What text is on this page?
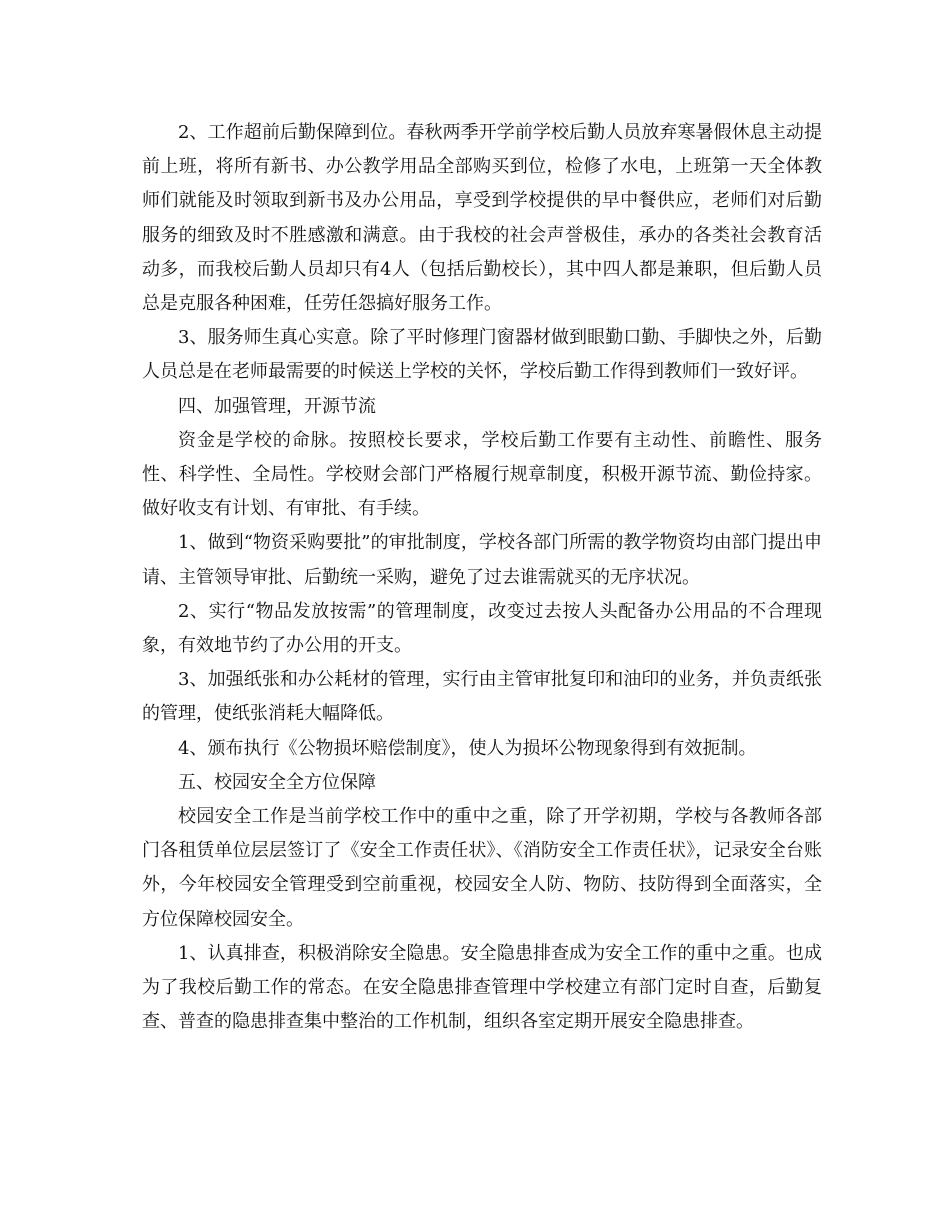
2、工作超前后勤保障到位。春秋两季开学前学校后勤人员放弃寒暑假休息主动提前上班，将所有新书、办公教学用品全部购买到位，检修了水电，上班第一天全体教师们就能及时领取到新书及办公用品，享受到学校提供的早中餐供应，老师们对后勤服务的细致及时不胜感激和满意。由于我校的社会声誉极佳，承办的各类社会教育活动多，而我校后勤人员却只有4人（包括后勤校长），其中四人都是兼职，但后勤人员总是克服各种困难，任劳任怨搞好服务工作。

3、服务师生真心实意。除了平时修理门窗器材做到眼勤口勤、手脚快之外，后勤人员总是在老师最需要的时候送上学校的关怀，学校后勤工作得到教师们一致好评。

四、加强管理，开源节流

资金是学校的命脉。按照校长要求，学校后勤工作要有主动性、前瞻性、服务性、科学性、全局性。学校财会部门严格履行规章制度，积极开源节流、勤俭持家。做好收支有计划、有审批、有手续。

1、做到“物资采购要批”的审批制度，学校各部门所需的教学物资均由部门提出申请、主管领导审批、后勤统一采购，避免了过去谁需就买的无序状况。

2、实行“物品发放按需”的管理制度，改变过去按人头配备办公用品的不合理现象，有效地节约了办公用的开支。

3、加强纸张和办公耗材的管理，实行由主管审批复印和油印的业务，并负责纸张的管理，使纸张消耗大幅降低。

4、颁布执行《公物损坏赔偿制度》，使人为损坏公物现象得到有效扼制。

五、校园安全全方位保障

校园安全工作是当前学校工作中的重中之重，除了开学初期，学校与各教师各部门各租赁单位层层签订了《安全工作责任状》、《消防安全工作责任状》，记录安全台账外，今年校园安全管理受到空前重视，校园安全人防、物防、技防得到全面落实，全方位保障校园安全。

1、认真排查，积极消除安全隐患。安全隐患排查成为安全工作的重中之重。也成为了我校后勤工作的常态。在安全隐患排查管理中学校建立有部门定时自查，后勤复查、普查的隐患排查集中整治的工作机制，组织各室定期开展安全隐患排查。
